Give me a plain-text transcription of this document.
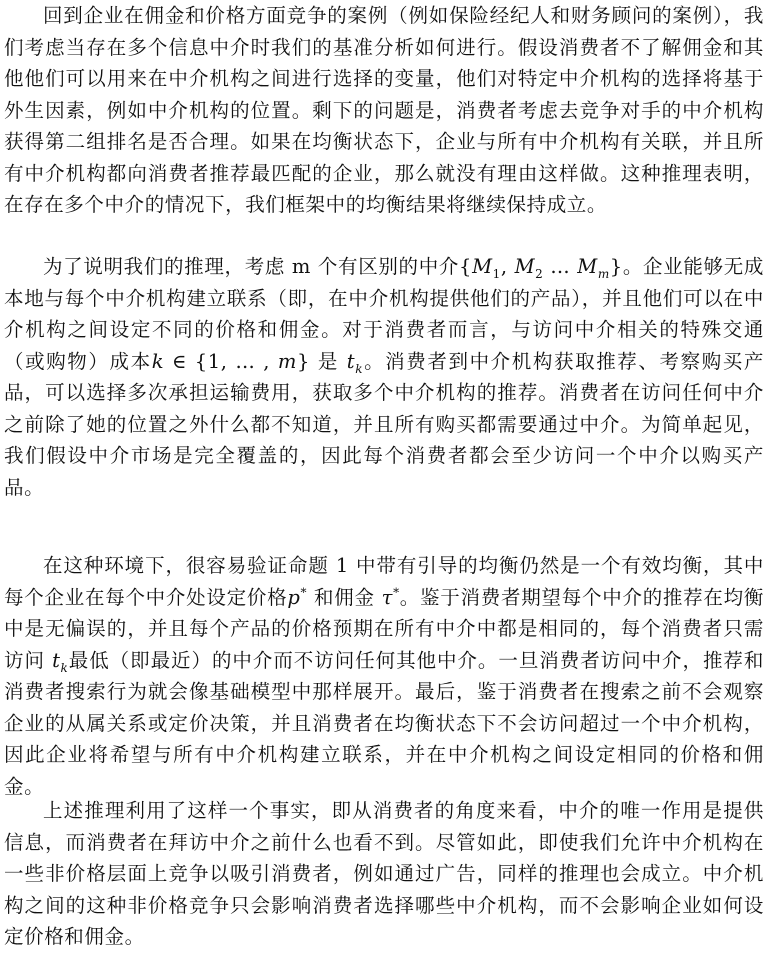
回到企业在佣金和价格方面竞争的案例（例如保险经纪人和财务顾问的案例），我们考虑当存在多个信息中介时我们的基准分析如何进行。假设消费者不了解佣金和其他他们可以用来在中介机构之间进行选择的变量，他们对特定中介机构的选择将基于外生因素，例如中介机构的位置。剩下的问题是，消费者考虑去竞争对手的中介机构获得第二组排名是否合理。如果在均衡状态下，企业与所有中介机构有关联，并且所有中介机构都向消费者推荐最匹配的企业，那么就没有理由这样做。这种推理表明，在存在多个中介的情况下，我们框架中的均衡结果将继续保持成立。

为了说明我们的推理，考虑 m 个有区别的中介{$M_1$, $M_2$ … $M_m$}。企业能够无成本地与每个中介机构建立联系（即，在中介机构提供他们的产品），并且他们可以在中介机构之间设定不同的价格和佣金。对于消费者而言，与访问中介相关的特殊交通（或购物）成本k ∈ {1, … , m} 是 $t_k$。消费者到中介机构获取推荐、考察购买产品，可以选择多次承担运输费用，获取多个中介机构的推荐。消费者在访问任何中介之前除了她的位置之外什么都不知道，并且所有购买都需要通过中介。为简单起见，我们假设中介市场是完全覆盖的，因此每个消费者都会至少访问一个中介以购买产品。

在这种环境下，很容易验证命题 1 中带有引导的均衡仍然是一个有效均衡，其中每个企业在每个中介处设定价格p* 和佣金 τ*。鉴于消费者期望每个中介的推荐在均衡中是无偏误的，并且每个产品的价格预期在所有中介中都是相同的，每个消费者只需访问 $t_k$最低（即最近）的中介而不访问任何其他中介。一旦消费者访问中介，推荐和消费者搜索行为就会像基础模型中那样展开。最后，鉴于消费者在搜索之前不会观察企业的从属关系或定价决策，并且消费者在均衡状态下不会访问超过一个中介机构，因此企业将希望与所有中介机构建立联系，并在中介机构之间设定相同的价格和佣金。

上述推理利用了这样一个事实，即从消费者的角度来看，中介的唯一作用是提供信息，而消费者在拜访中介之前什么也看不到。尽管如此，即使我们允许中介机构在一些非价格层面上竞争以吸引消费者，例如通过广告，同样的推理也会成立。中介机构之间的这种非价格竞争只会影响消费者选择哪些中介机构，而不会影响企业如何设定价格和佣金。
